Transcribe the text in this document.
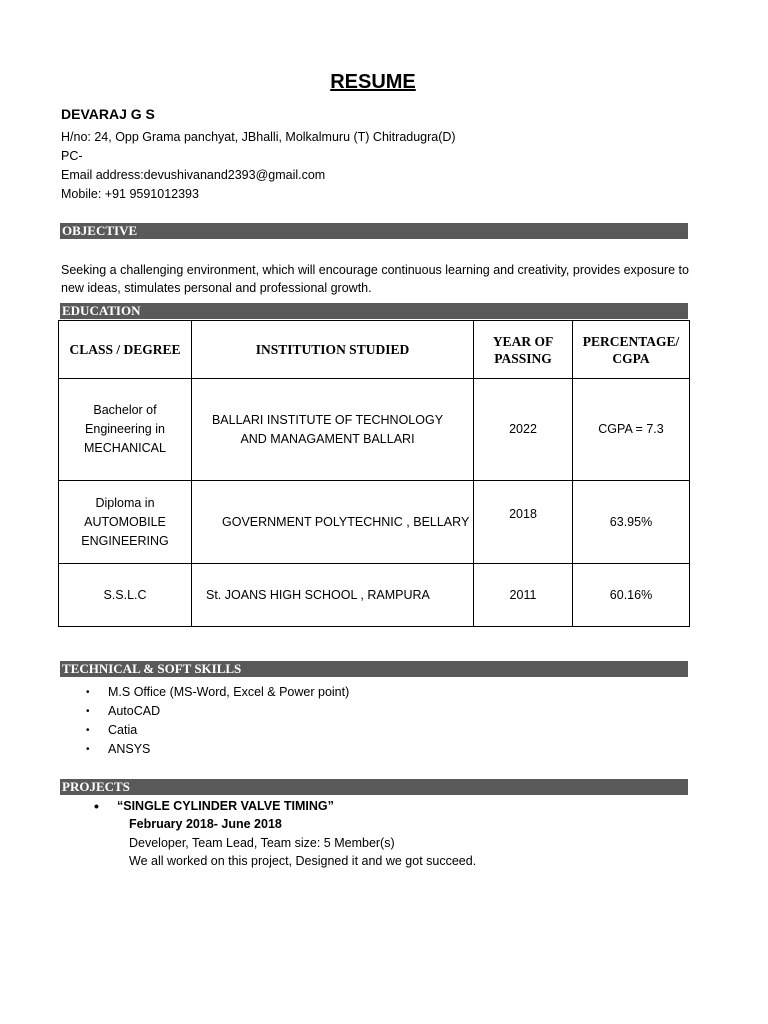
RESUME
DEVARAJ G S
H/no: 24, Opp Grama panchyat, JBhalli, Molkalmuru (T) Chitradugra(D)
PC-
Email address:devushivanand2393@gmail.com
Mobile: +91 9591012393
OBJECTIVE
Seeking a challenging environment, which will encourage continuous learning and creativity, provides exposure to new ideas, stimulates personal and professional growth.
EDUCATION
CLASS / DEGREE	INSTITUTION STUDIED	YEAR OF PASSING	PERCENTAGE/ CGPA
Bachelor of Engineering in MECHANICAL	BALLARI INSTITUTE OF TECHNOLOGY AND MANAGAMENT BALLARI	2022	CGPA = 7.3
Diploma in AUTOMOBILE ENGINEERING	GOVERNMENT POLYTECHNIC , BELLARY	2018	63.95%
S.S.L.C	St. JOANS HIGH SCHOOL , RAMPURA	2011	60.16%
TECHNICAL & SOFT SKILLS
• M.S Office (MS-Word, Excel & Power point)
• AutoCAD
• Catia
• ANSYS
PROJECTS
• “SINGLE CYLINDER VALVE TIMING”
February 2018- June 2018
Developer, Team Lead, Team size: 5 Member(s)
We all worked on this project, Designed it and we got succeed.
